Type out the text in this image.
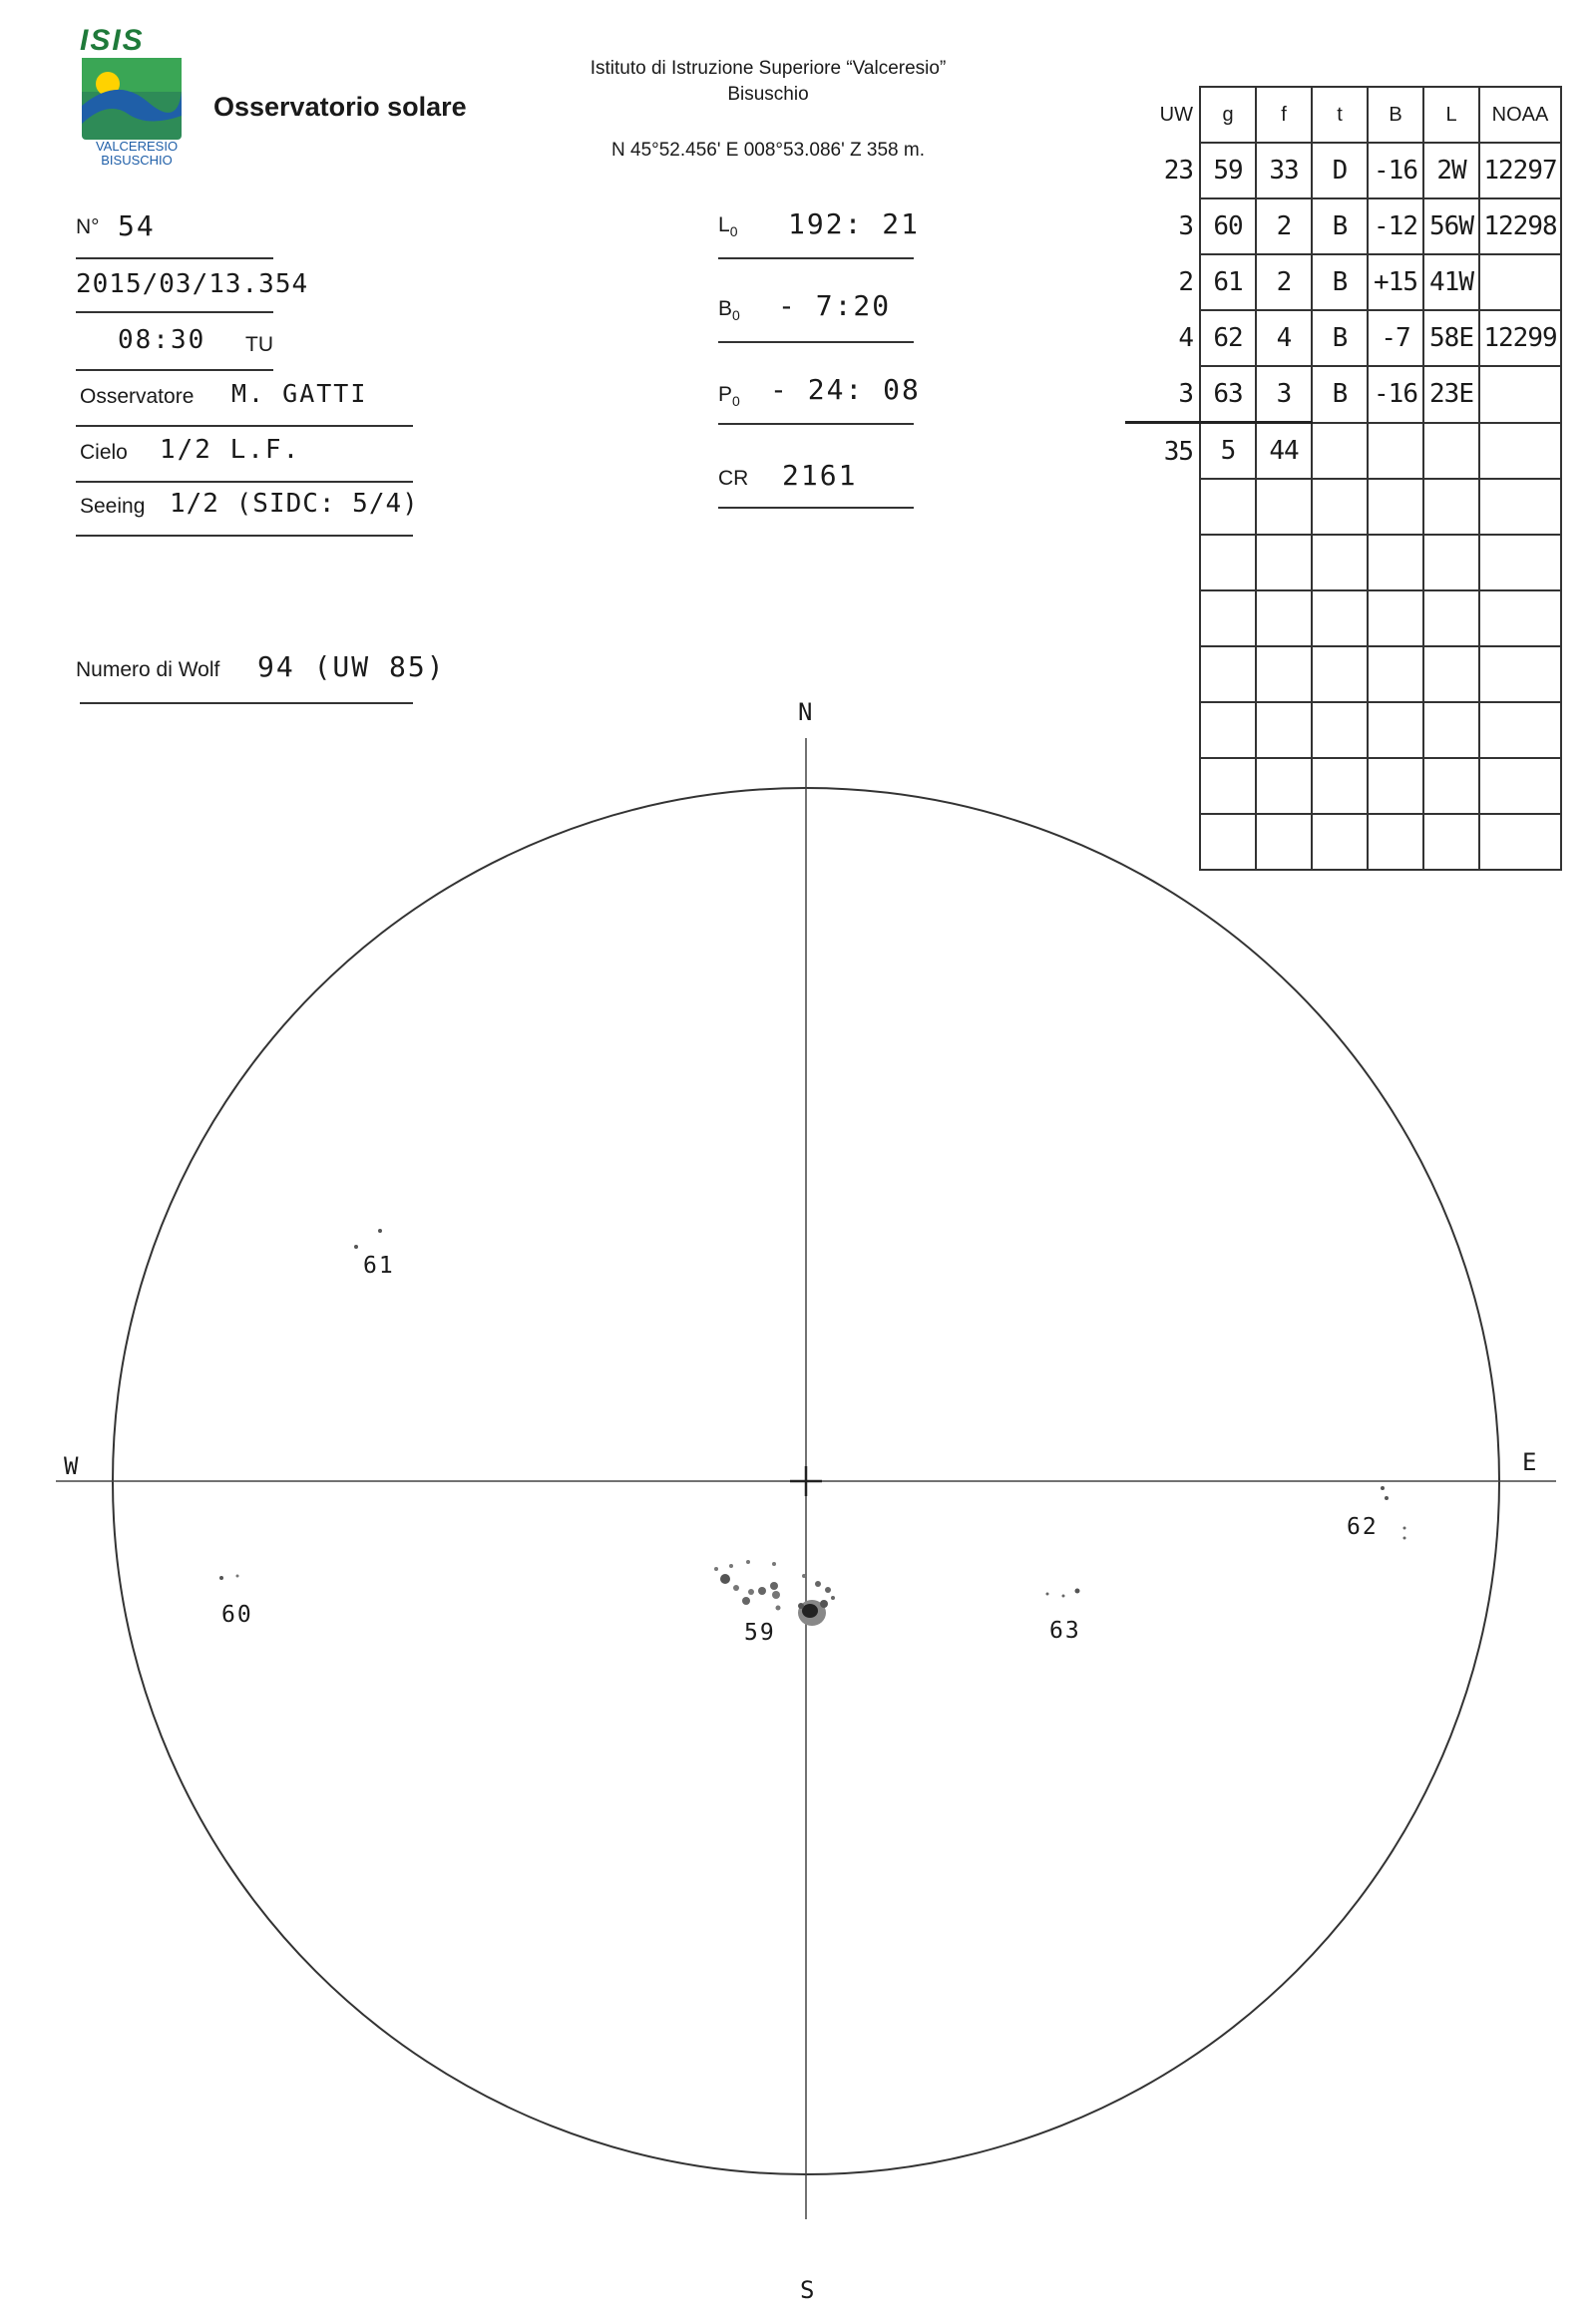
ISIS
VALCERESIO BISUSCHIO
Osservatorio solare
Istituto di Istruzione Superiore “Valceresio”
Bisuschio
N 45°52.456' E 008°53.086' Z 358 m.
N° 54
2015/03/13.354
08:30 TU
Osservatore M. GATTI
Cielo 1/2 L.F.
Seeing 1/2 (SIDC: 5/4)
Numero di Wolf 94 (UW 85)
$L_0$ 192: 21
$B_0$ - 7:20
$P_0 - 24$: 08
CR 2161
UW	g	f	t	B	L	NOAA
23	59	33	D	-16	2W	12297
3	60	2	B	-12	56W	12298
2	61	2	B	+15	41W	
4	62	4	B	-7	58E	12299
3	63	3	B	-16	23E	
35	5	44				

N
S
W	E
59
60
61
62
63
